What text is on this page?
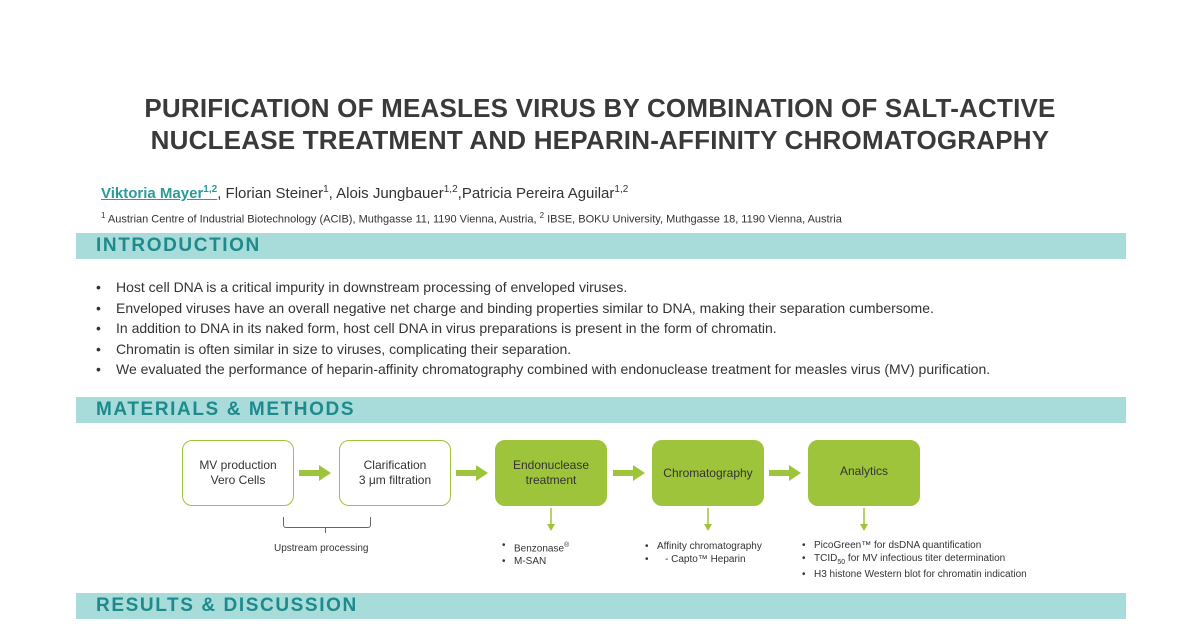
PURIFICATION OF MEASLES VIRUS BY COMBINATION OF SALT-ACTIVE
NUCLEASE TREATMENT AND HEPARIN-AFFINITY CHROMATOGRAPHY
Viktoria Mayer$^{1,2}$, Florian Steiner$^1$, Alois Jungbauer$^{1,2}$,Patricia Pereira Aguilar$^{1,2}$
$^1$ Austrian Centre of Industrial Biotechnology (ACIB), Muthgasse 11, 1190 Vienna, Austria, $^2$ IBSE, BOKU University, Muthgasse 18, 1190 Vienna, Austria
INTRODUCTION
• Host cell DNA is a critical impurity in downstream processing of enveloped viruses.
• Enveloped viruses have an overall negative net charge and binding properties similar to DNA, making their separation cumbersome.
• In addition to DNA in its naked form, host cell DNA in virus preparations is present in the form of chromatin.
• Chromatin is often similar in size to viruses, complicating their separation.
• We evaluated the performance of heparin-affinity chromatography combined with endonuclease treatment for measles virus (MV) purification.
MATERIALS & METHODS
MV production
Vero Cells
Clarification
3 μm filtration
Endonuclease
treatment
Chromatography	Analytics
Upstream processing
•	Benzonase®
• M-SAN
• Affinity chromatography
• - Capto™ Heparin
• PicoGreen™ for dsDNA quantification
• $TCID_{50}$ for MV infectious titer determination
• H3 histone Western blot for chromatin indication
RESULTS & DISCUSSION
